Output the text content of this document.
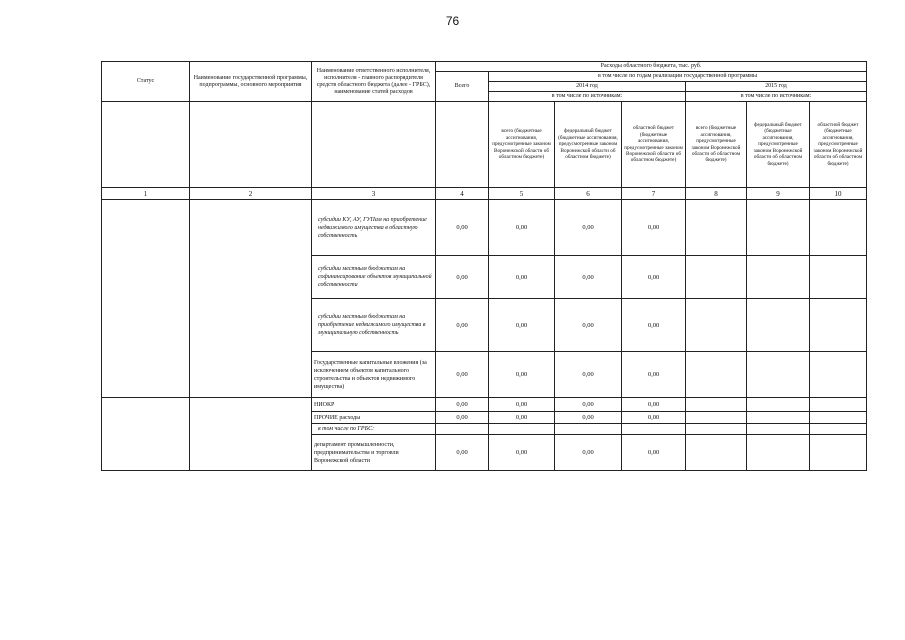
76
Статус	Наименование государственной программы, подпрограммы, основного мероприятия	Наименование ответственного исполнителя, исполнителя - главного распорядителя средств областного бюджета (далее - ГРБС), наименование статей расходов	Расходы областного бюджета, тыс. руб.						
			Всего	в том числе по годам реализации государственной программы					
				2014 год			2015 год		
				в том числе по источникам:			в том числе по источникам:		
				всего (бюджетные ассигнования, предусмотренные законом Воронежской области об областном бюджете)	федеральный бюджет (бюджетные ассигнования, предусмотренные законом Воронежской области об областном бюджете)	областной бюджет (бюджетные ассигнования, предусмотренные законом Воронежской области об областном бюджете)	всего (бюджетные ассигнования, предусмотренные законом Воронежской области об областном бюджете)	федеральный бюджет (бюджетные ассигнования, предусмотренные законом Воронежской области об областном бюджете)	областной бюджет (бюджетные ассигнования, предусмотренные законом Воронежской области об областном бюджете)
1	2	3	4	5	6	7	8	9	10
		субсидии КУ, АУ, ГУПам на приобретение недвижимого имущества в областную собственность	0,00	0,00	0,00	0,00			
		субсидии местным бюджетам на софинансирование объектов муниципальной собственности	0,00	0,00	0,00	0,00			
		субсидии местным бюджетам на приобретение недвижимого имущества в муниципальную собственность	0,00	0,00	0,00	0,00			
		Государственные капитальные вложения (за исключением объектов капитального строительства и объектов недвижимого имущества)	0,00	0,00	0,00	0,00			
		НИОКР	0,00	0,00	0,00	0,00			
		ПРОЧИЕ расходы	0,00	0,00	0,00	0,00			
		в том числе по ГРБС:							
		департамент промышленности, предпринимательства и торговли Воронежской области	0,00	0,00	0,00	0,00			
